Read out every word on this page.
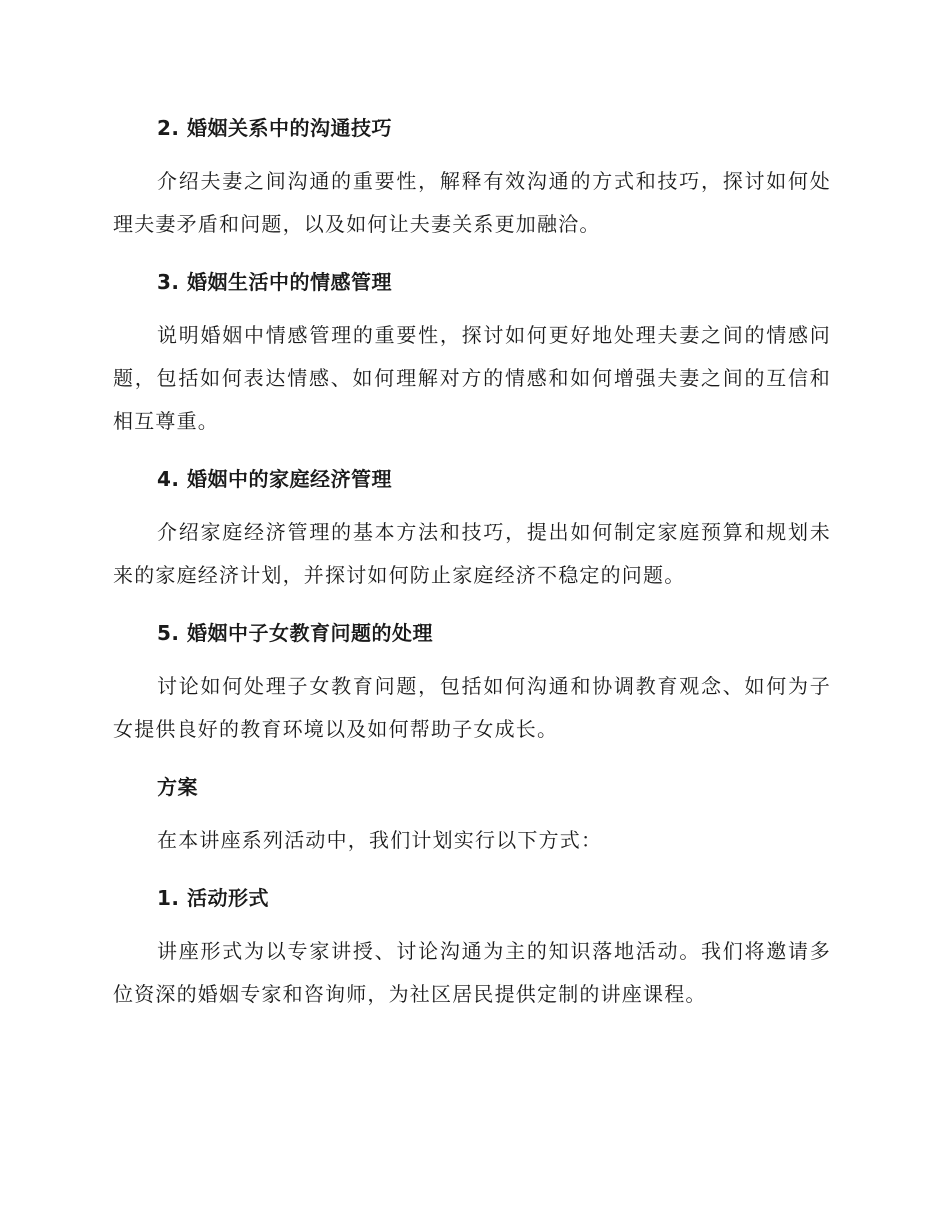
2. 婚姻关系中的沟通技巧

介绍夫妻之间沟通的重要性，解释有效沟通的方式和技巧，探讨如何处理夫妻矛盾和问题，以及如何让夫妻关系更加融洽。

3. 婚姻生活中的情感管理

说明婚姻中情感管理的重要性，探讨如何更好地处理夫妻之间的情感问题，包括如何表达情感、如何理解对方的情感和如何增强夫妻之间的互信和相互尊重。

4. 婚姻中的家庭经济管理

介绍家庭经济管理的基本方法和技巧，提出如何制定家庭预算和规划未来的家庭经济计划，并探讨如何防止家庭经济不稳定的问题。

5. 婚姻中子女教育问题的处理

讨论如何处理子女教育问题，包括如何沟通和协调教育观念、如何为子女提供良好的教育环境以及如何帮助子女成长。

方案

在本讲座系列活动中，我们计划实行以下方式：

1. 活动形式

讲座形式为以专家讲授、讨论沟通为主的知识落地活动。我们将邀请多位资深的婚姻专家和咨询师，为社区居民提供定制的讲座课程。
